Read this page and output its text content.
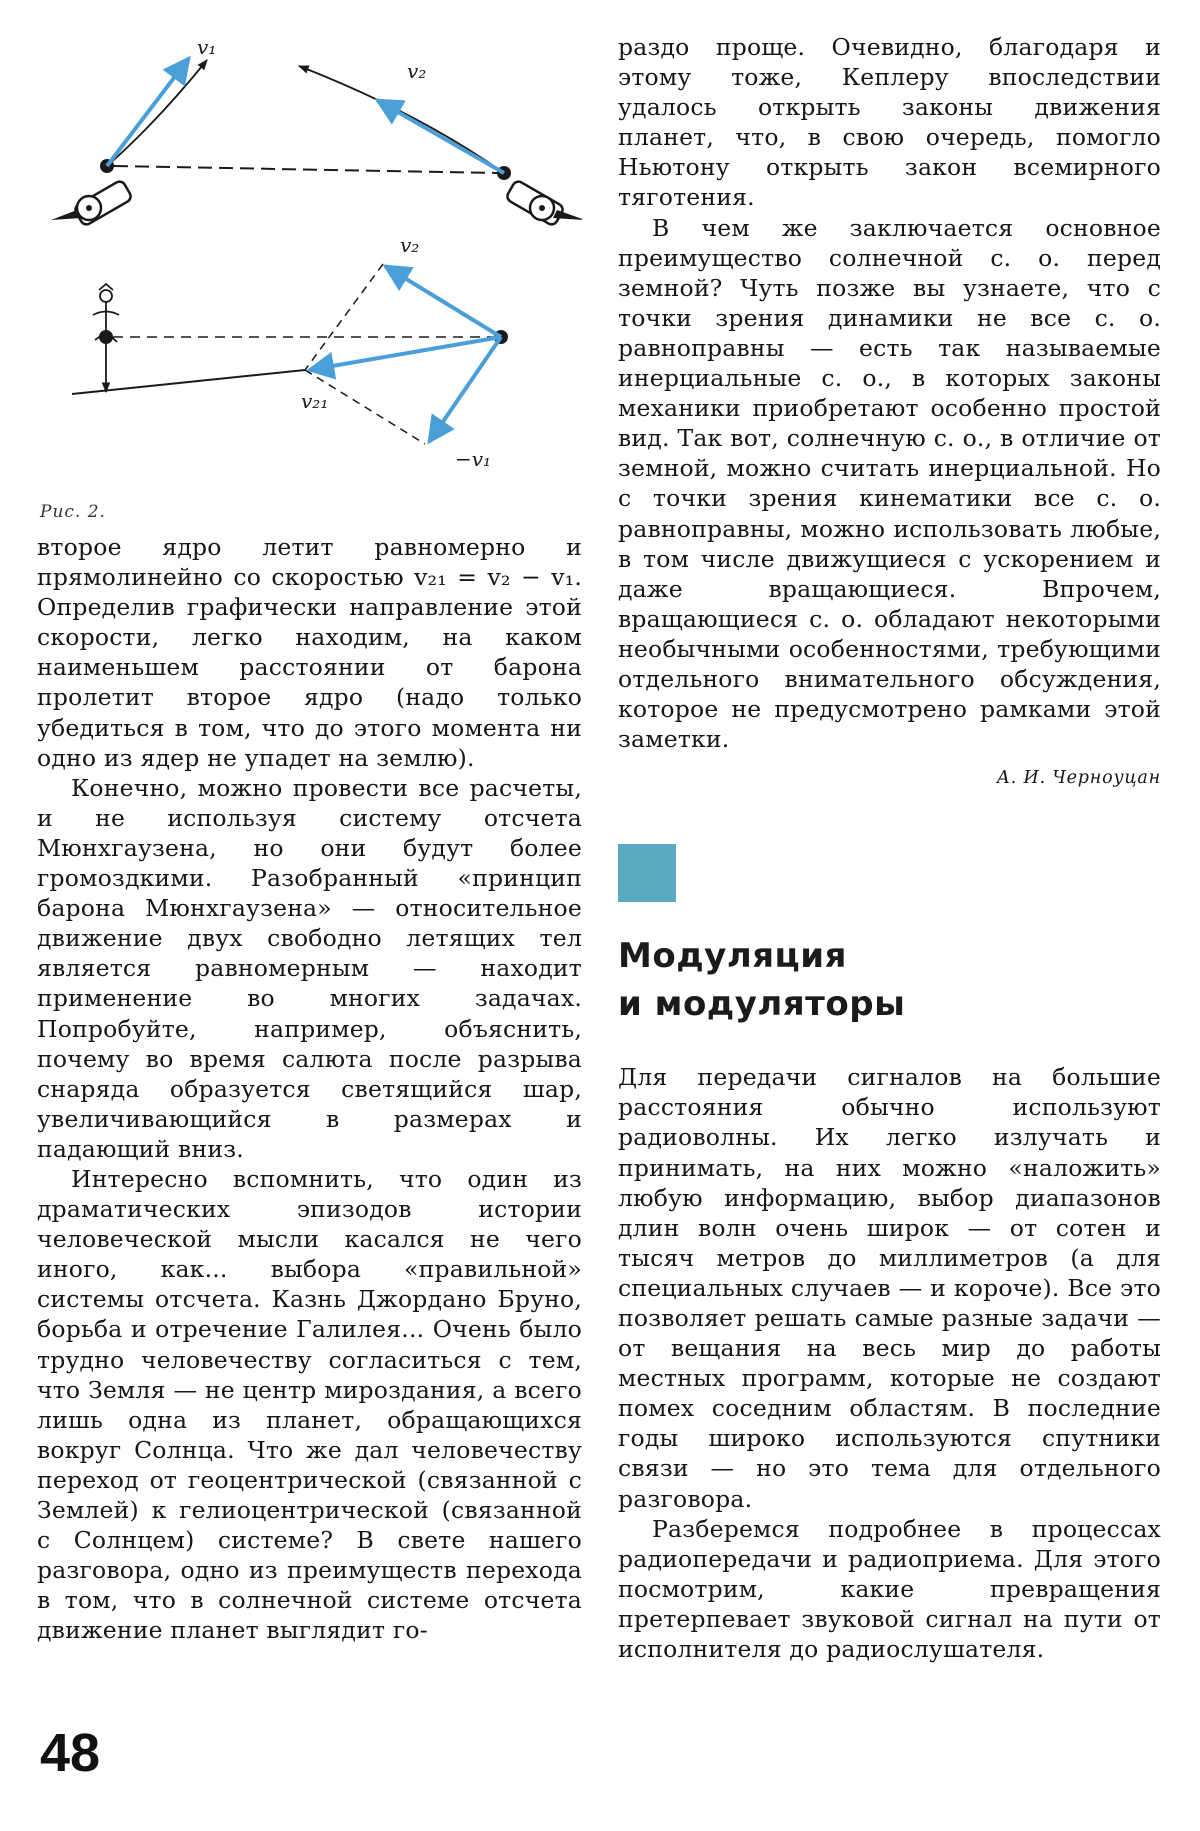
v₁
v₂
v₂
v₂₁
−v₁
Рис. 2.

второе ядро летит равномерно и прямолинейно со скоростью v₂₁ = v₂ − v₁. Определив графически направление этой скорости, легко находим, на каком наименьшем расстоянии от барона пролетит второе ядро (надо только убедиться в том, что до этого момента ни одно из ядер не упадет на землю).

Конечно, можно провести все расчеты, и не используя систему отсчета Мюнхгаузена, но они будут более громоздкими. Разобранный «принцип барона Мюнхгаузена» — относительное движение двух свободно летящих тел является равномерным — находит применение во многих задачах. Попробуйте, например, объяснить, почему во время салюта после разрыва снаряда образуется светящийся шар, увеличивающийся в размерах и падающий вниз.

Интересно вспомнить, что один из драматических эпизодов истории человеческой мысли касался не чего иного, как... выбора «правильной» системы отсчета. Казнь Джордано Бруно, борьба и отречение Галилея... Очень было трудно человечеству согласиться с тем, что Земля — не центр мироздания, а всего лишь одна из планет, обращающихся вокруг Солнца. Что же дал человечеству переход от геоцентрической (связанной с Землей) к гелиоцентрической (связанной с Солнцем) системе? В свете нашего разговора, одно из преимуществ перехода в том, что в солнечной системе отсчета движение планет выглядит го-

раздо проще. Очевидно, благодаря и этому тоже, Кеплеру впоследствии удалось открыть законы движения планет, что, в свою очередь, помогло Ньютону открыть закон всемирного тяготения.

В чем же заключается основное преимущество солнечной с. о. перед земной? Чуть позже вы узнаете, что с точки зрения динамики не все с. о. равноправны — есть так называемые инерциальные с. о., в которых законы механики приобретают особенно простой вид. Так вот, солнечную с. о., в отличие от земной, можно считать инерциальной. Но с точки зрения кинематики все с. о. равноправны, можно использовать любые, в том числе движущиеся с ускорением и даже вращающиеся. Впрочем, вращающиеся с. о. обладают некоторыми необычными особенностями, требующими отдельного внимательного обсуждения, которое не предусмотрено рамками этой заметки.

А. И. Черноуцан

Модуляция
и модуляторы

Для передачи сигналов на большие расстояния обычно используют радиоволны. Их легко излучать и принимать, на них можно «наложить» любую информацию, выбор диапазонов длин волн очень широк — от сотен и тысяч метров до миллиметров (а для специальных случаев — и короче). Все это позволяет решать самые разные задачи — от вещания на весь мир до работы местных программ, которые не создают помех соседним областям. В последние годы широко используются спутники связи — но это тема для отдельного разговора.

Разберемся подробнее в процессах радиопередачи и радиоприема. Для этого посмотрим, какие превращения претерпевает звуковой сигнал на пути от исполнителя до радиослушателя.

48
